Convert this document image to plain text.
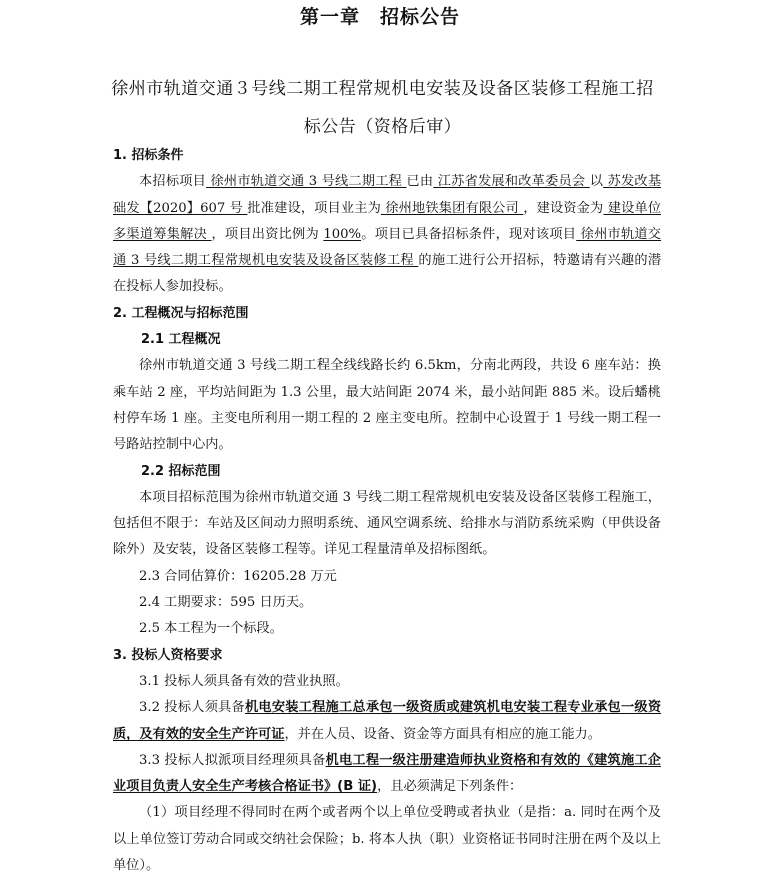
第一章　招标公告
徐州市轨道交通３号线二期工程常规机电安装及设备区装修工程施工招标公告（资格后审）

1. 招标条件

本招标项目 徐州市轨道交通 3 号线二期工程 已由 江苏省发展和改革委员会 以 苏发改基础发【2020】607 号 批准建设，项目业主为 徐州地铁集团有限公司 ，建设资金为 建设单位多渠道筹集解决 ，项目出资比例为 100%。项目已具备招标条件，现对该项目 徐州市轨道交通 3 号线二期工程常规机电安装及设备区装修工程 的施工进行公开招标，特邀请有兴趣的潜在投标人参加投标。

2. 工程概况与招标范围

2.1 工程概况

徐州市轨道交通 3 号线二期工程全线线路长约 6.5km，分南北两段，共设 6 座车站：换乘车站 2 座，平均站间距为 1.3 公里，最大站间距 2074 米，最小站间距 885 米。设后蟠桃村停车场 1 座。主变电所利用一期工程的 2 座主变电所。控制中心设置于 1 号线一期工程一号路站控制中心内。

2.2 招标范围

本项目招标范围为徐州市轨道交通 3 号线二期工程常规机电安装及设备区装修工程施工，包括但不限于：车站及区间动力照明系统、通风空调系统、给排水与消防系统采购（甲供设备除外）及安装，设备区装修工程等。详见工程量清单及招标图纸。

2.3 合同估算价：16205.28 万元

2.4 工期要求：595 日历天。

2.5 本工程为一个标段。

3. 投标人资格要求

3.1 投标人须具备有效的营业执照。

3.2 投标人须具备机电安装工程施工总承包一级资质或建筑机电安装工程专业承包一级资质，及有效的安全生产许可证，并在人员、设备、资金等方面具有相应的施工能力。

3.3 投标人拟派项目经理须具备机电工程一级注册建造师执业资格和有效的《建筑施工企业项目负责人安全生产考核合格证书》(B 证)，且必须满足下列条件：

（1）项目经理不得同时在两个或者两个以上单位受聘或者执业（是指：a. 同时在两个及以上单位签订劳动合同或交纳社会保险；b. 将本人执（职）业资格证书同时注册在两个及以上单位）。
